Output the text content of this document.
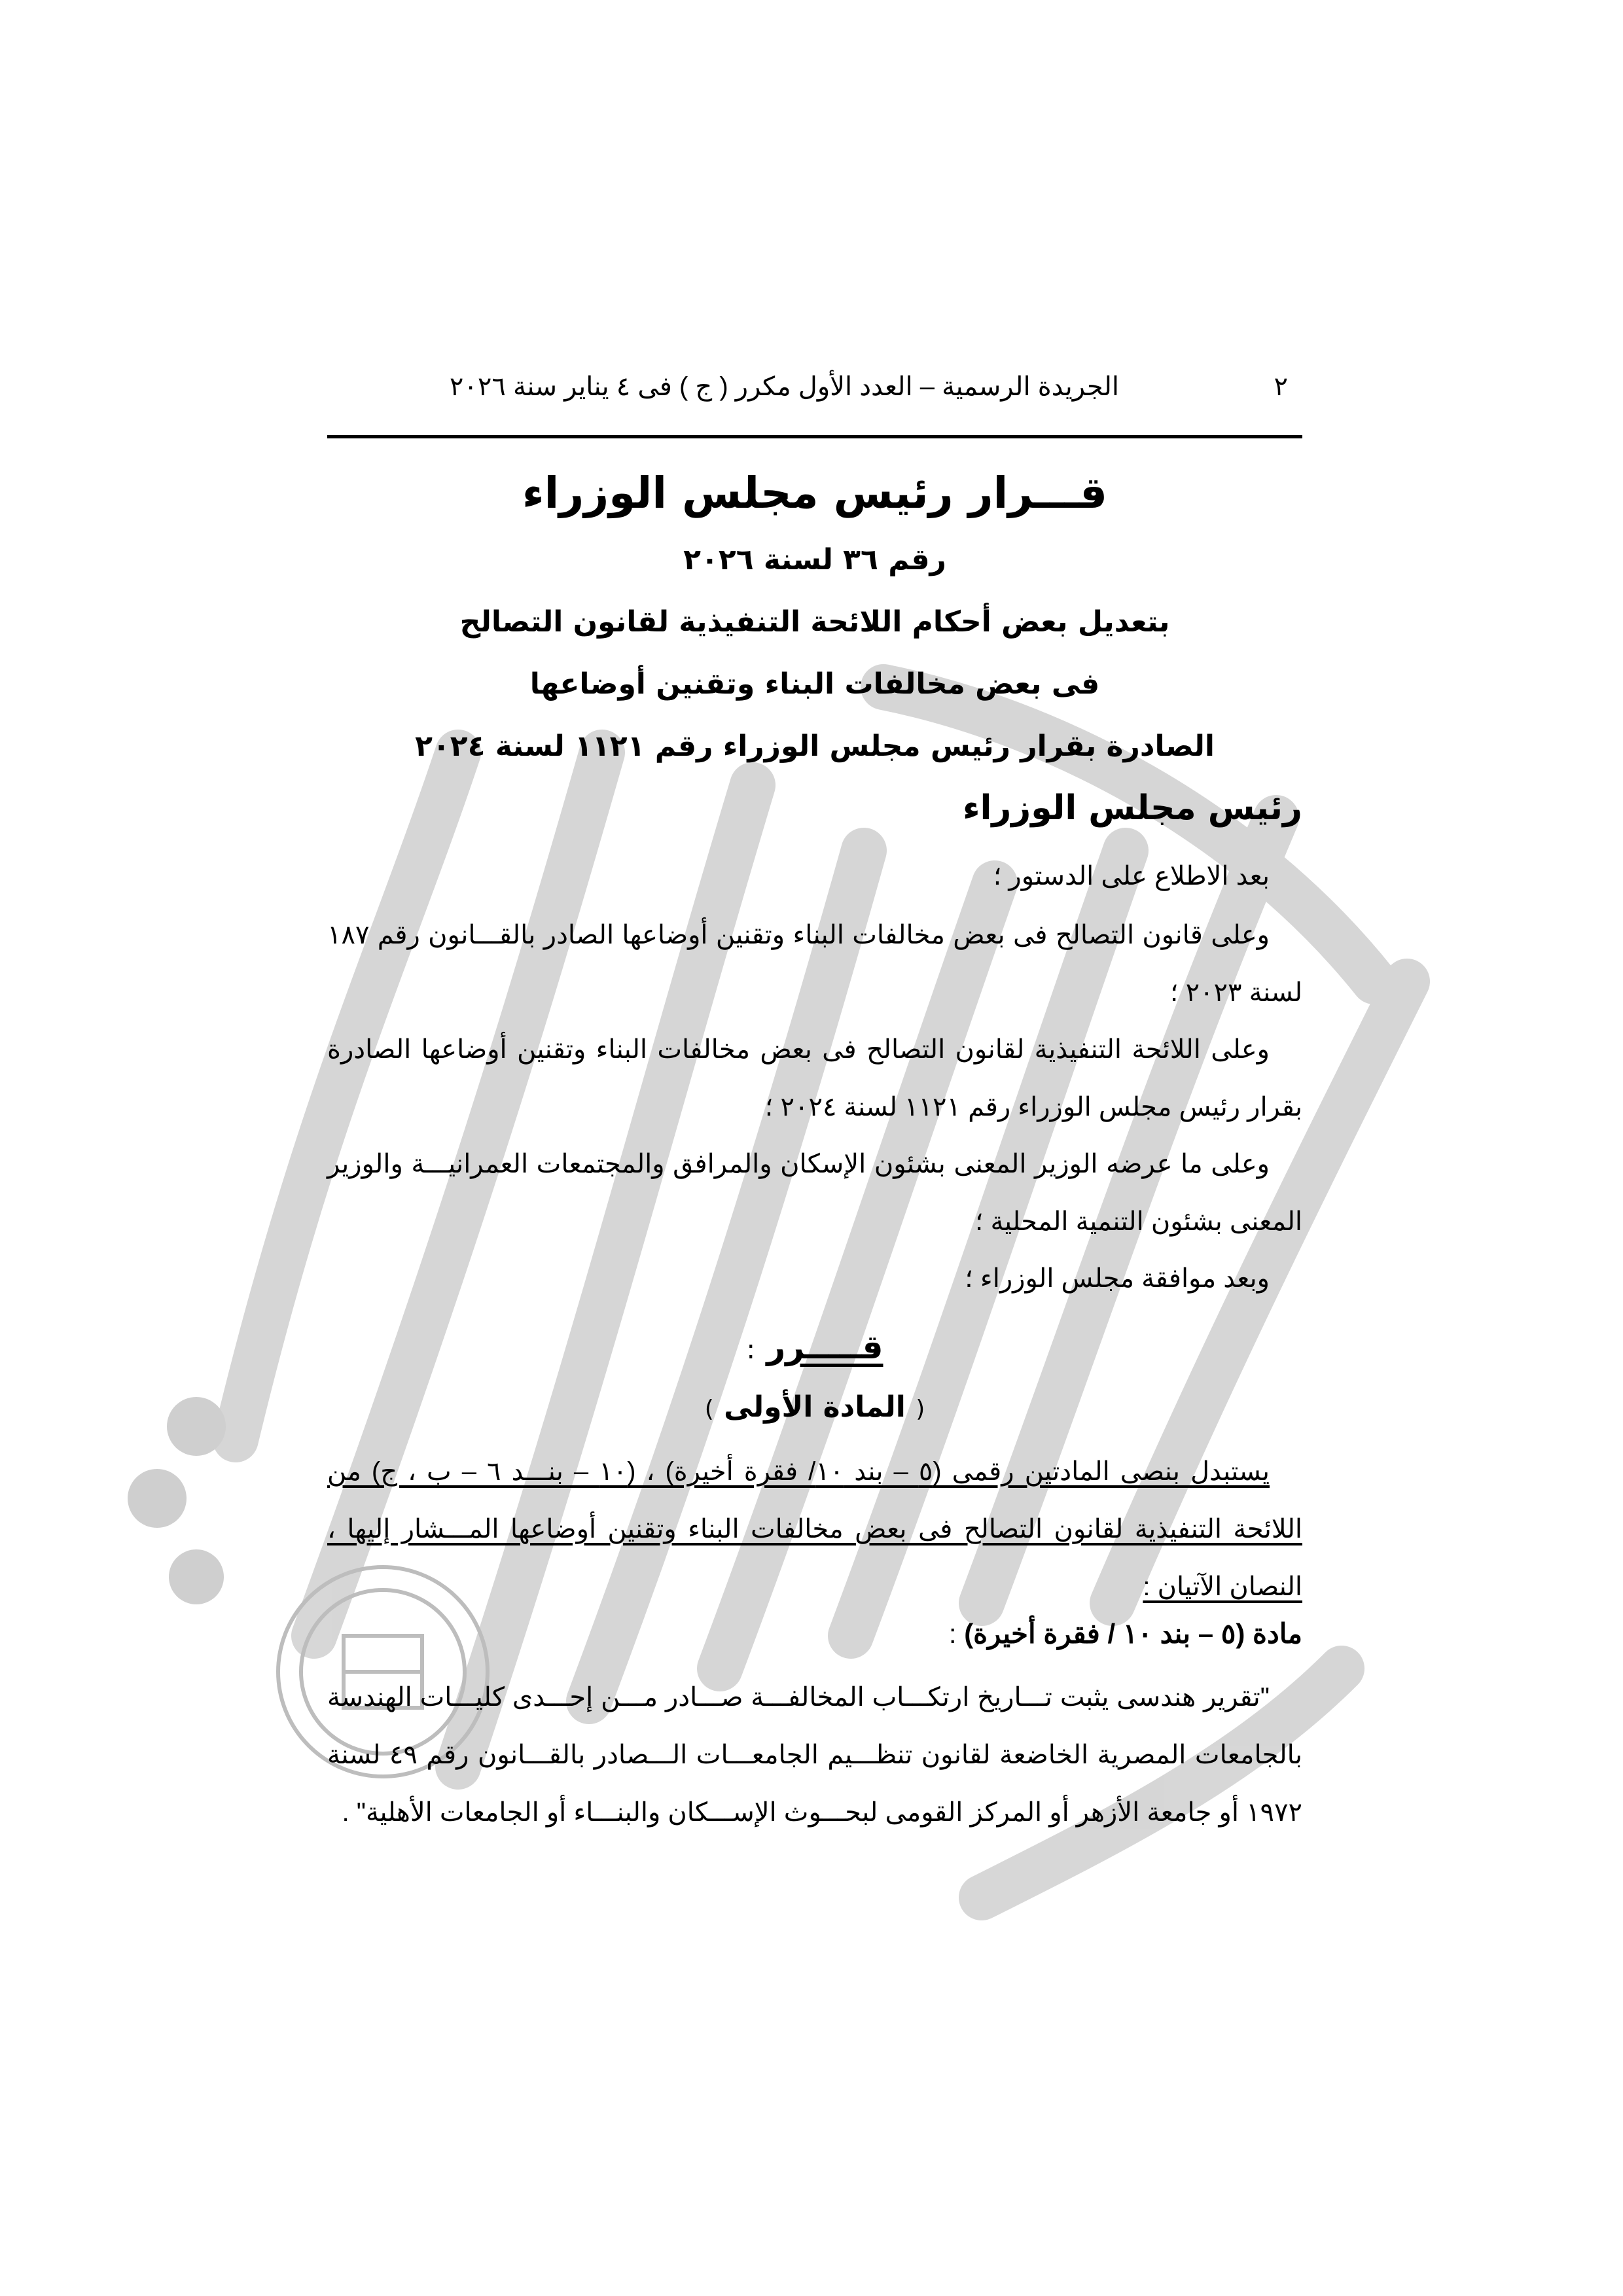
٢
الجريدة الرسمية – العدد الأول مكرر ( ج ) فى ٤ يناير سنة ٢٠٢٦
قـــرار رئيس مجلس الوزراء
رقم ٣٦ لسنة ٢٠٢٦
بتعديل بعض أحكام اللائحة التنفيذية لقانون التصالح
فى بعض مخالفات البناء وتقنين أوضاعها
الصادرة بقرار رئيس مجلس الوزراء رقم ١١٢١ لسنة ٢٠٢٤
رئيس مجلس الوزراء
بعد الاطلاع على الدستور ؛
وعلى قانون التصالح فى بعض مخالفات البناء وتقنين أوضاعها الصادر بالقـــانون رقم ١٨٧ لسنة ٢٠٢٣ ؛
وعلى اللائحة التنفيذية لقانون التصالح فى بعض مخالفات البناء وتقنين أوضاعها الصادرة بقرار رئيس مجلس الوزراء رقم ١١٢١ لسنة ٢٠٢٤ ؛
وعلى ما عرضه الوزير المعنى بشئون الإسكان والمرافق والمجتمعات العمرانيـــة والوزير المعنى بشئون التنمية المحلية ؛
وبعد موافقة مجلس الوزراء ؛
قـــــرر :
( المادة الأولى )
يستبدل بنصى المادتين رقمى (٥ – بند ١٠/ فقرة أخيرة) ، (١٠ – بنـــد ٦ – ب ، ج) من اللائحة التنفيذية لقانون التصالح فى بعض مخالفات البناء وتقنين أوضاعها المـــشار إليها ، النصان الآتيان :
مادة (٥ – بند ١٠ / فقرة أخيرة) :
"تقرير هندسى يثبت تـــاريخ ارتكـــاب المخالفـــة صـــادر مـــن إحـــدى كليـــات الهندسة بالجامعات المصرية الخاضعة لقانون تنظـــيم الجامعـــات الـــصادر بالقـــانون رقم ٤٩ لسنة ١٩٧٢ أو جامعة الأزهر أو المركز القومى لبحـــوث الإســـكان والبنـــاء أو الجامعات الأهلية" .
